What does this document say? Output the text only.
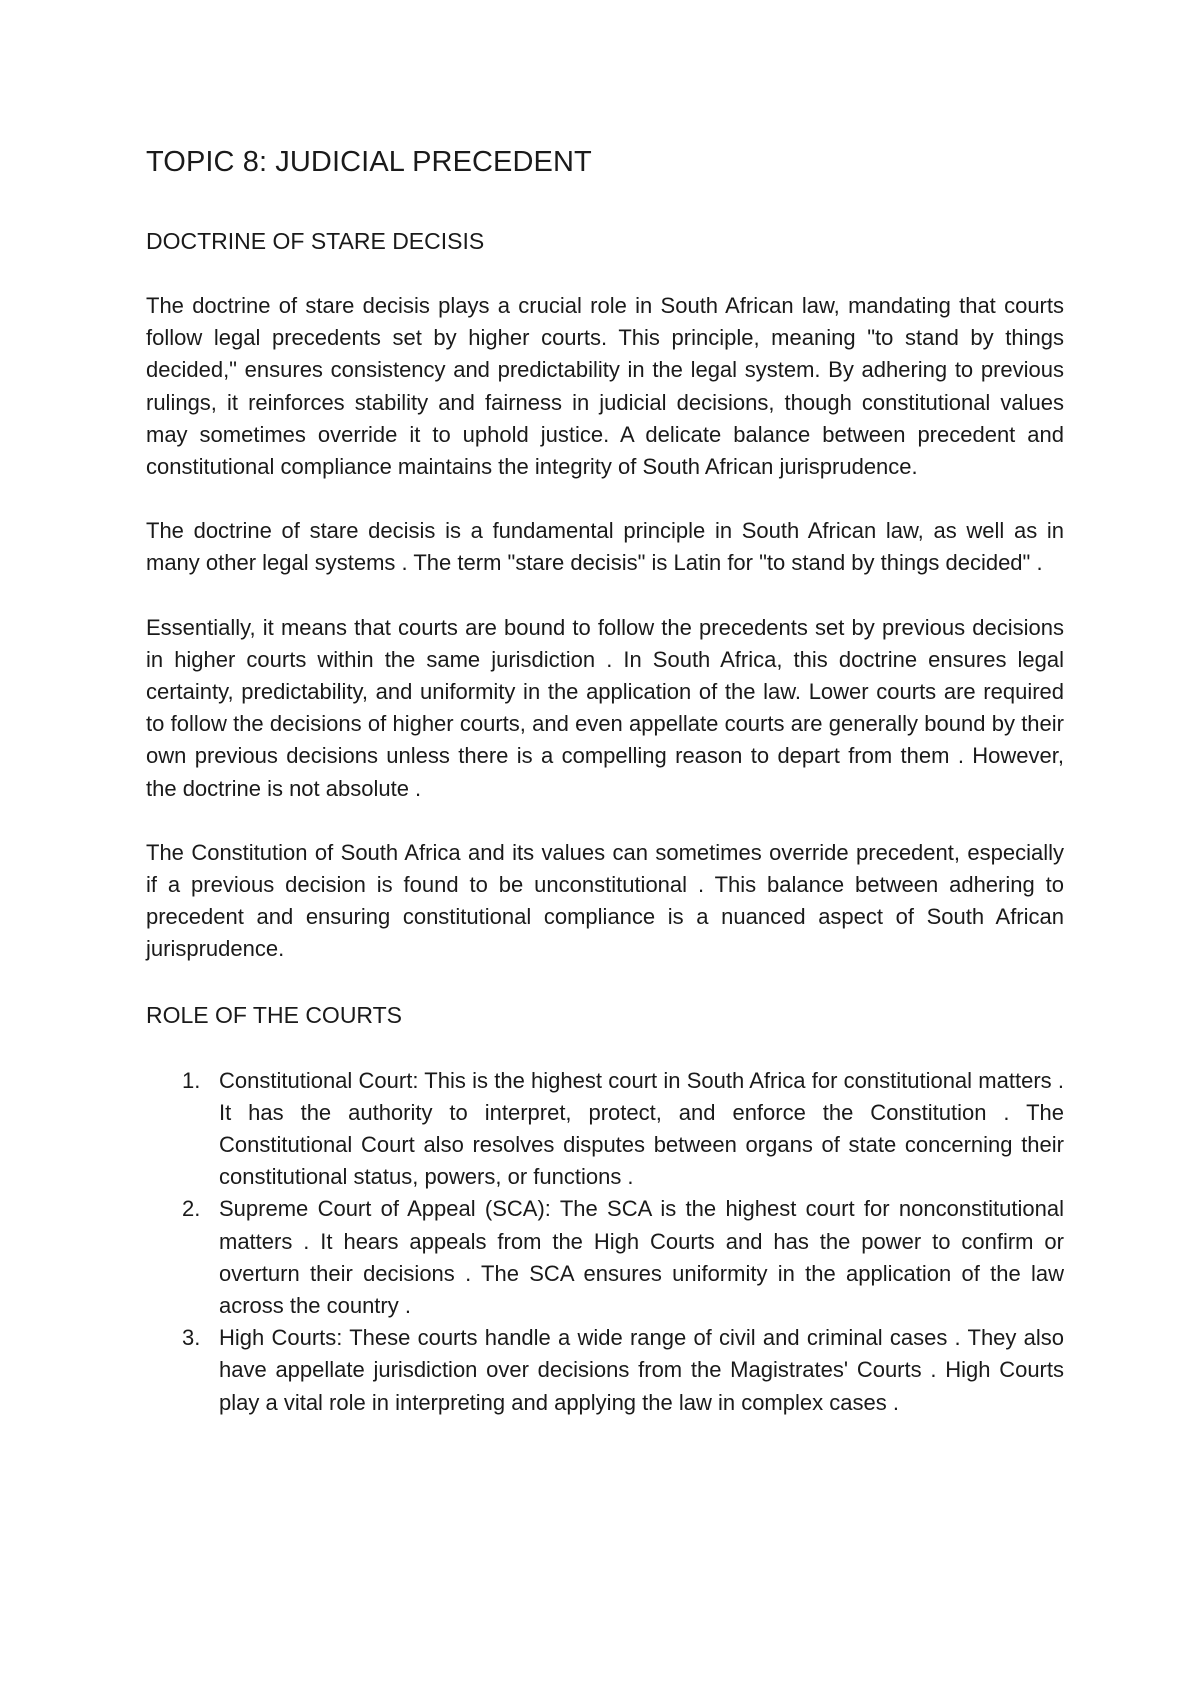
TOPIC 8: JUDICIAL PRECEDENT
DOCTRINE OF STARE DECISIS

The doctrine of stare decisis plays a crucial role in South African law, mandating that courts follow legal precedents set by higher courts. This principle, meaning "to stand by things decided," ensures consistency and predictability in the legal system. By adhering to previous rulings, it reinforces stability and fairness in judicial decisions, though constitutional values may sometimes override it to uphold justice. A delicate balance between precedent and constitutional compliance maintains the integrity of South African jurisprudence.

The doctrine of stare decisis is a fundamental principle in South African law, as well as in many other legal systems . The term "stare decisis" is Latin for "to stand by things decided" .

Essentially, it means that courts are bound to follow the precedents set by previous decisions in higher courts within the same jurisdiction . In South Africa, this doctrine ensures legal certainty, predictability, and uniformity in the application of the law. Lower courts are required to follow the decisions of higher courts, and even appellate courts are generally bound by their own previous decisions unless there is a compelling reason to depart from them . However, the doctrine is not absolute .

The Constitution of South Africa and its values can sometimes override precedent, especially if a previous decision is found to be unconstitutional . This balance between adhering to precedent and ensuring constitutional compliance is a nuanced aspect of South African jurisprudence.

ROLE OF THE COURTS
1. Constitutional Court: This is the highest court in South Africa for constitutional matters . It has the authority to interpret, protect, and enforce the Constitution . The Constitutional Court also resolves disputes between organs of state concerning their constitutional status, powers, or functions .
2. Supreme Court of Appeal (SCA): The SCA is the highest court for nonconstitutional matters . It hears appeals from the High Courts and has the power to confirm or overturn their decisions . The SCA ensures uniformity in the application of the law across the country .
3. High Courts: These courts handle a wide range of civil and criminal cases . They also have appellate jurisdiction over decisions from the Magistrates' Courts . High Courts play a vital role in interpreting and applying the law in complex cases .
